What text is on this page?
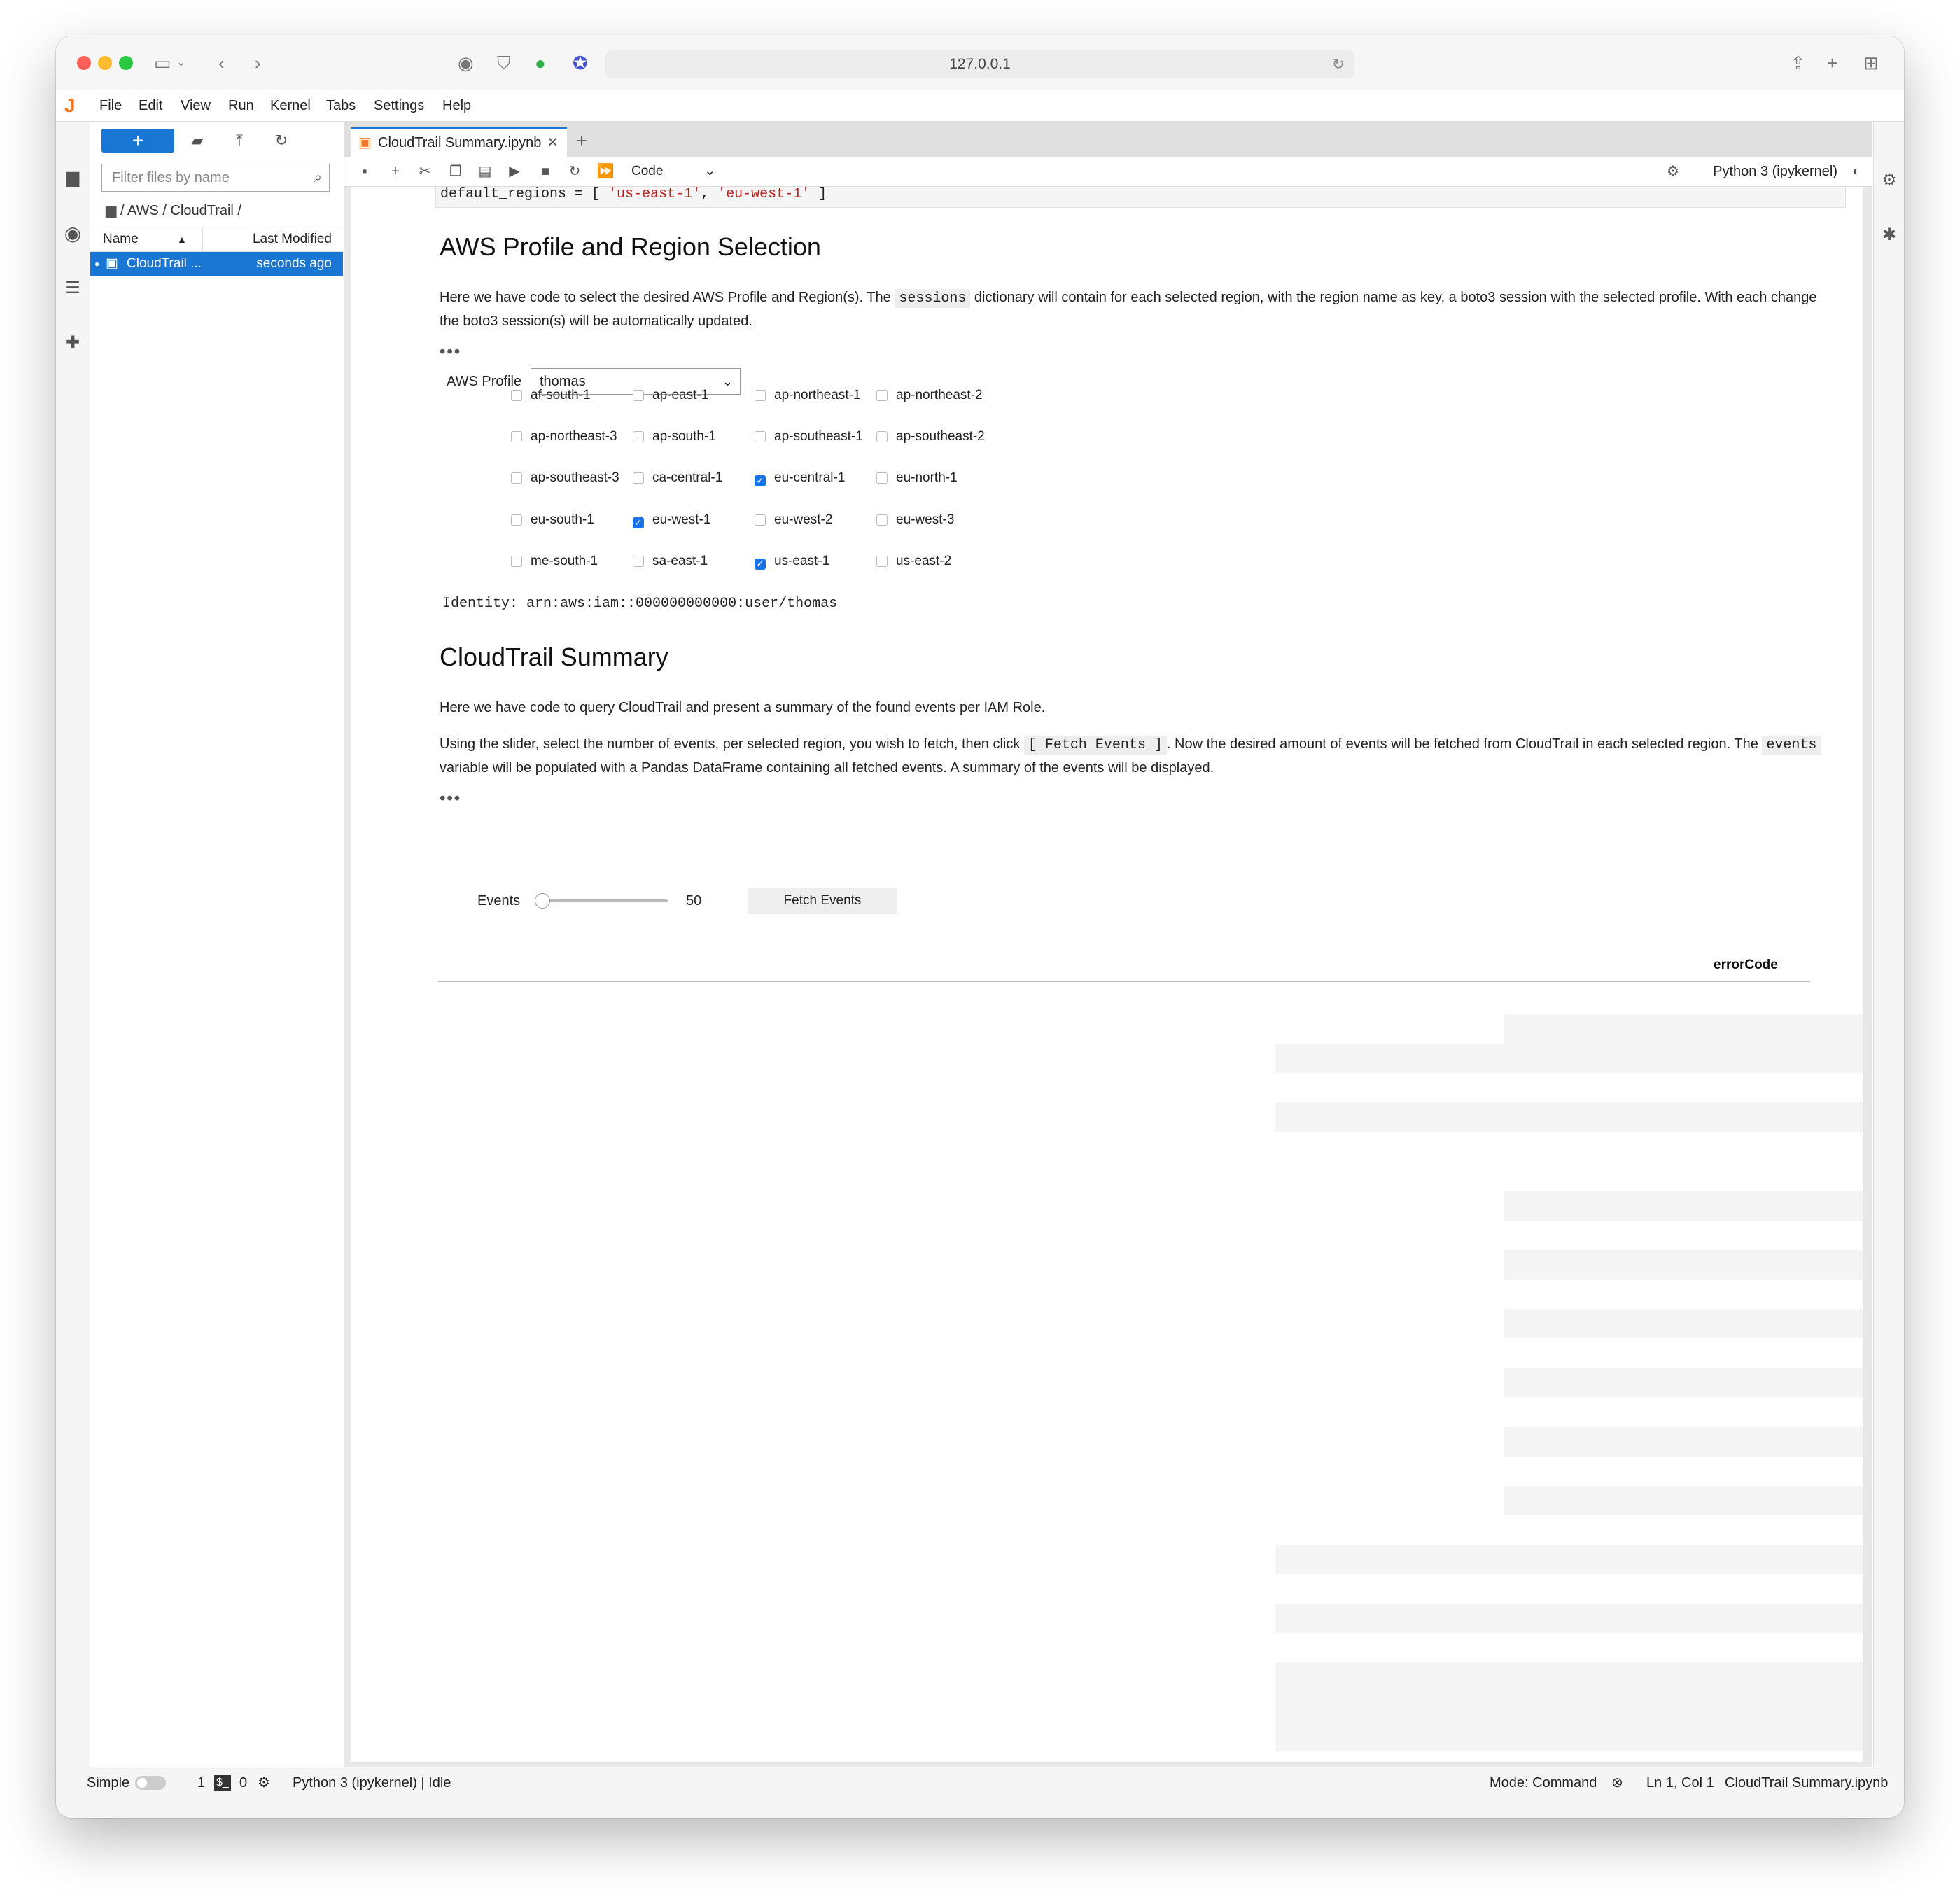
▭ ⌄ ‹ ›	◉ ⛉ ● ✪	127.0.0.1	↻	⇪ + ⊞
J	File Edit View Run Kernel Tabs Settings Help
▆
◉
☰
✚
+	▰	⤒	↻
Filter files by name	⌕
▆ / AWS / CloudTrail /
Name	▲	Last Modified
● ▣ CloudTrail ...	seconds ago
▣ CloudTrail Summary.ipynb ✕ +
▪	+	✂	❐	▤	▶	■	↻	⏩ Code	⌄	⚙	Python 3 (ipykernel)	◐
default_regions = [ 'us-east-1', 'eu-west-1' ]
AWS Profile and Region Selection
Here we have code to select the desired AWS Profile and Region(s). The sessions dictionary will contain for each selected region, with the region name as key, a boto3 session with the selected profile. With each change the boto3 session(s) will be automatically updated.
•••
AWS Profile	thomas	⌄
af-south-1	ap-east-1	ap-northeast-1	ap-northeast-2
ap-northeast-3	ap-south-1	ap-southeast-1	ap-southeast-2
ap-southeast-3	ca-central-1	✓ eu-central-1	eu-north-1
eu-south-1	✓ eu-west-1	eu-west-2	eu-west-3
me-south-1	sa-east-1	✓ us-east-1	us-east-2
Identity: arn:aws:iam::000000000000:user/thomas
CloudTrail Summary
Here we have code to query CloudTrail and present a summary of the found events per IAM Role.
Using the slider, select the number of events, per selected region, you wish to fetch, then click [ Fetch Events ] . Now the desired amount of events will be fetched from CloudTrail in each selected region. The events variable will be populated with a Pandas DataFrame containing all fetched events. A summary of the events will be displayed.
•••
Events	50	Fetch Events
errorCode
⚙
✱
Simple	1 $_ 0 ⚙ Python 3 (ipykernel) | Idle	Mode: Command ⊗ Ln 1, Col 1 CloudTrail Summary.ipynb
